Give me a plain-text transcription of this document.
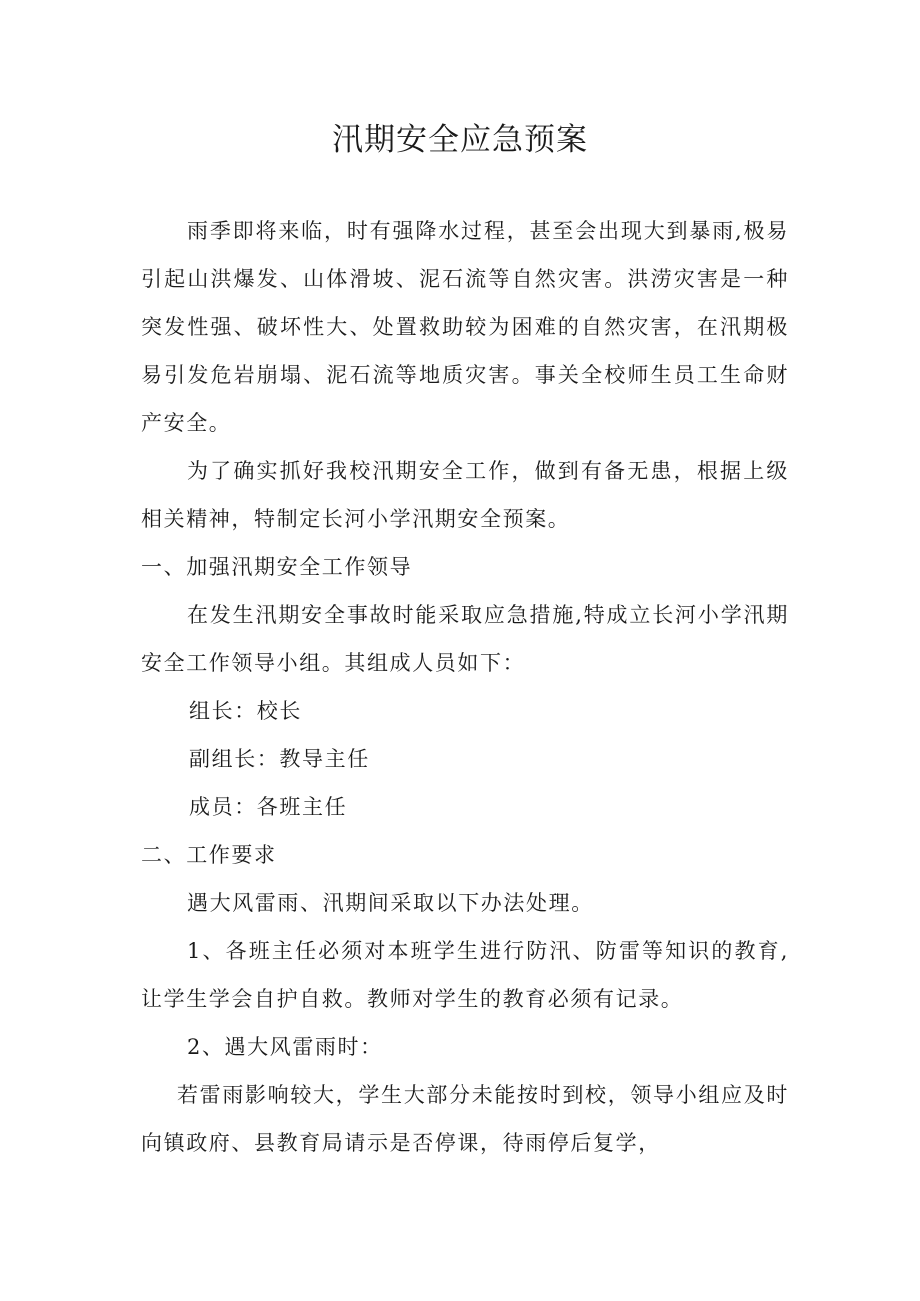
汛期安全应急预案

雨季即将来临，时有强降水过程，甚至会出现大到暴雨,极易引起山洪爆发、山体滑坡、泥石流等自然灾害。洪涝灾害是一种突发性强、破坏性大、处置救助较为困难的自然灾害，在汛期极易引发危岩崩塌、泥石流等地质灾害。事关全校师生员工生命财产安全。

为了确实抓好我校汛期安全工作，做到有备无患，根据上级相关精神，特制定长河小学汛期安全预案。

一、加强汛期安全工作领导

在发生汛期安全事故时能采取应急措施,特成立长河小学汛期安全工作领导小组。其组成人员如下：

组长：校长

副组长：教导主任

成员：各班主任

二、工作要求

遇大风雷雨、汛期间采取以下办法处理。

1、各班主任必须对本班学生进行防汛、防雷等知识的教育,让学生学会自护自救。教师对学生的教育必须有记录。

2、遇大风雷雨时：

若雷雨影响较大，学生大部分未能按时到校，领导小组应及时向镇政府、县教育局请示是否停课，待雨停后复学，
